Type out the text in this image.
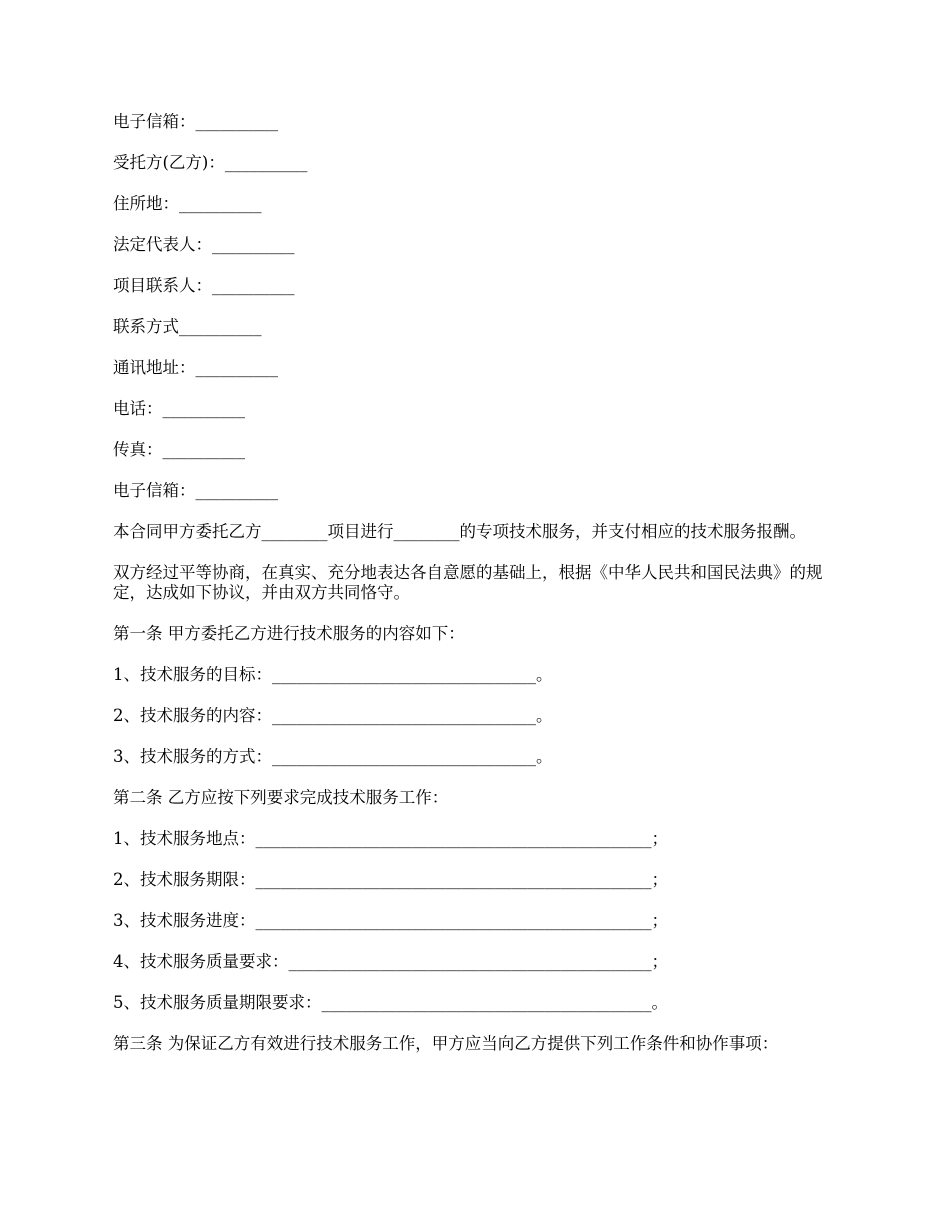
电子信箱：__________

受托方(乙方)：__________

住所地：__________

法定代表人：__________

项目联系人：__________

联系方式__________

通讯地址：__________

电话：__________

传真：__________

电子信箱：__________

本合同甲方委托乙方________项目进行________的专项技术服务，并支付相应的技术服务报酬。

双方经过平等协商，在真实、充分地表达各自意愿的基础上，根据《中华人民共和国民法典》的规定，达成如下协议，并由双方共同恪守。

第一条 甲方委托乙方进行技术服务的内容如下：

1、技术服务的目标：________________________________。

2、技术服务的内容：________________________________。

3、技术服务的方式：________________________________。

第二条 乙方应按下列要求完成技术服务工作：

1、技术服务地点：________________________________________________；

2、技术服务期限：________________________________________________；

3、技术服务进度：________________________________________________；

4、技术服务质量要求：____________________________________________；

5、技术服务质量期限要求：________________________________________。

第三条 为保证乙方有效进行技术服务工作，甲方应当向乙方提供下列工作条件和协作事项：
